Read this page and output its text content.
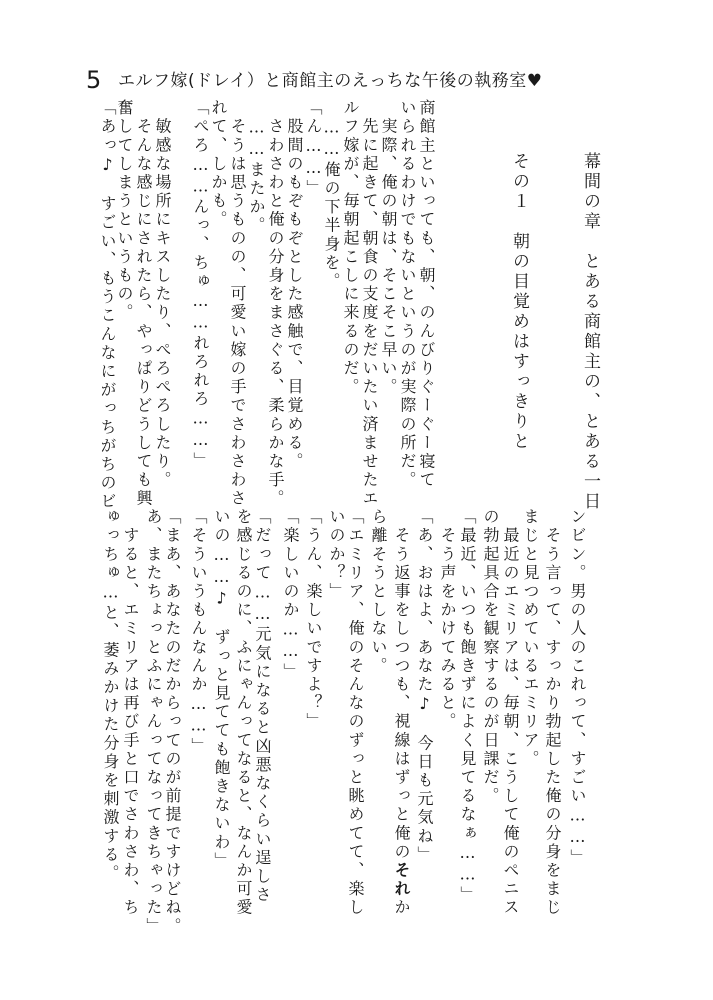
5 エルフ嫁(ドレイ）と商館主のえっちな午後の執務室♥
幕間の章　とある商館主の、とある一日
その１　朝の目覚めはすっきりと
商館主といっても、朝、のんびりぐーぐー寝て
いられるわけでもないというのが実際の所だ。
　実際、俺の朝は、そこそこ早い。
　先に起きて、朝食の支度をだいたい済ませたエ
ルフ嫁が、毎朝起こしに来るのだ。
　……俺の下半身を。
「ん……」
　股間のもぞもぞとした感触で、目覚める。
　さわさわと俺の分身をまさぐる、柔らかな手。
　……またか。
　そうは思うものの、可愛い嫁の手でさわさわさ
れて、しかも。
「ぺろ……んっ、ちゅ……れろれろ……」
　敏感な場所にキスしたり、ぺろぺろしたり。
　そんな感じにされたら、やっぱりどうしても興
奮してしまうというもの。
「あっ♪　すごい、もうこんなにがっちがちのビ
ンビン。男の人のこれって、すごい……」
　そう言って、すっかり勃起した俺の分身をまじ
まじと見つめているエミリア。
　最近のエミリアは、毎朝、こうして俺のペニス
の勃起具合を観察するのが日課だ。
「最近、いつも飽きずによく見てるなぁ……」
　そう声をかけてみると。
「あ、おはよ、あなた♪　今日も元気ね」
　そう返事をしつつも、視線はずっと俺のそれか
ら離そうとしない。
「エミリア、俺のそんなのずっと眺めてて、楽し
いのか？」
「うん、楽しいですよ？」
「楽しいのか……」
「だって……元気になると凶悪なくらい逞しさ
を感じるのに、ふにゃんってなると、なんか可愛
いの……♪　ずっと見てても飽きないわ」
「そういうもんなんか……」
「まあ、あなたのだからってのが前提ですけどね。
あ、またちょっとふにゃんってなってきちゃった」
　すると、エミリアは再び手と口でさわさわ、ち
ゅっちゅ…と、萎みかけた分身を刺激する。
